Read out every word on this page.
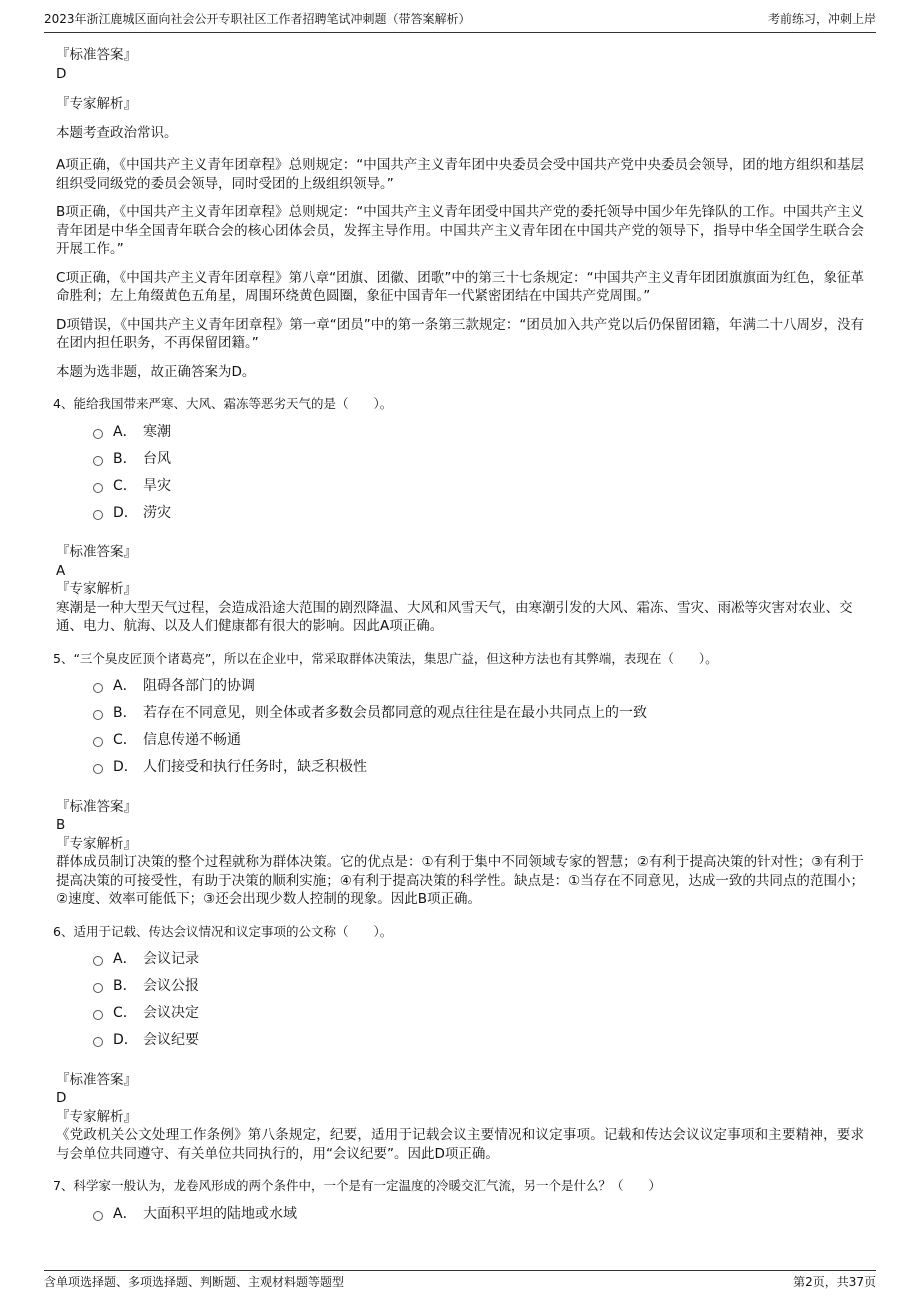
2023年浙江鹿城区面向社会公开专职社区工作者招聘笔试冲刺题（带答案解析）	考前练习，冲刺上岸
『标准答案』
D
『专家解析』
本题考查政治常识。
A项正确，《中国共产主义青年团章程》总则规定：“中国共产主义青年团中央委员会受中国共产党中央委员会领导，团的地方组织和基层组织受同级党的委员会领导，同时受团的上级组织领导。”
B项正确，《中国共产主义青年团章程》总则规定：“中国共产主义青年团受中国共产党的委托领导中国少年先锋队的工作。中国共产主义青年团是中华全国青年联合会的核心团体会员，发挥主导作用。中国共产主义青年团在中国共产党的领导下，指导中华全国学生联合会开展工作。”
C项正确，《中国共产主义青年团章程》第八章“团旗、团徽、团歌”中的第三十七条规定：“中国共产主义青年团团旗旗面为红色，象征革命胜利；左上角缀黄色五角星，周围环绕黄色圆圈，象征中国青年一代紧密团结在中国共产党周围。”
D项错误，《中国共产主义青年团章程》第一章“团员”中的第一条第三款规定：“团员加入共产党以后仍保留团籍，年满二十八周岁，没有在团内担任职务，不再保留团籍。”
本题为选非题，故正确答案为D。
4、能给我国带来严寒、大风、霜冻等恶劣天气的是（　　）。
A． 寒潮
B． 台风
C． 旱灾
D． 涝灾
『标准答案』
A
『专家解析』
寒潮是一种大型天气过程，会造成沿途大范围的剧烈降温、大风和风雪天气，由寒潮引发的大风、霜冻、雪灾、雨凇等灾害对农业、交通、电力、航海、以及人们健康都有很大的影响。因此A项正确。
5、“三个臭皮匠顶个诸葛亮”，所以在企业中，常采取群体决策法，集思广益，但这种方法也有其弊端，表现在（　　）。
A． 阻碍各部门的协调
B． 若存在不同意见，则全体或者多数会员都同意的观点往往是在最小共同点上的一致
C． 信息传递不畅通
D． 人们接受和执行任务时，缺乏积极性
『标准答案』
B
『专家解析』
群体成员制订决策的整个过程就称为群体决策。它的优点是：①有利于集中不同领域专家的智慧；②有利于提高决策的针对性；③有利于提高决策的可接受性，有助于决策的顺利实施；④有利于提高决策的科学性。缺点是：①当存在不同意见，达成一致的共同点的范围小；②速度、效率可能低下；③还会出现少数人控制的现象。因此B项正确。
6、适用于记载、传达会议情况和议定事项的公文称（　　）。
A． 会议记录
B． 会议公报
C． 会议决定
D． 会议纪要
『标准答案』
D
『专家解析』
《党政机关公文处理工作条例》第八条规定，纪要，适用于记载会议主要情况和议定事项。记载和传达会议议定事项和主要精神，要求与会单位共同遵守、有关单位共同执行的，用“会议纪要”。因此D项正确。
7、科学家一般认为，龙卷风形成的两个条件中，一个是有一定温度的冷暖交汇气流，另一个是什么？（　　）
A． 大面积平坦的陆地或水域
含单项选择题、多项选择题、判断题、主观材料题等题型	第2页，共37页
